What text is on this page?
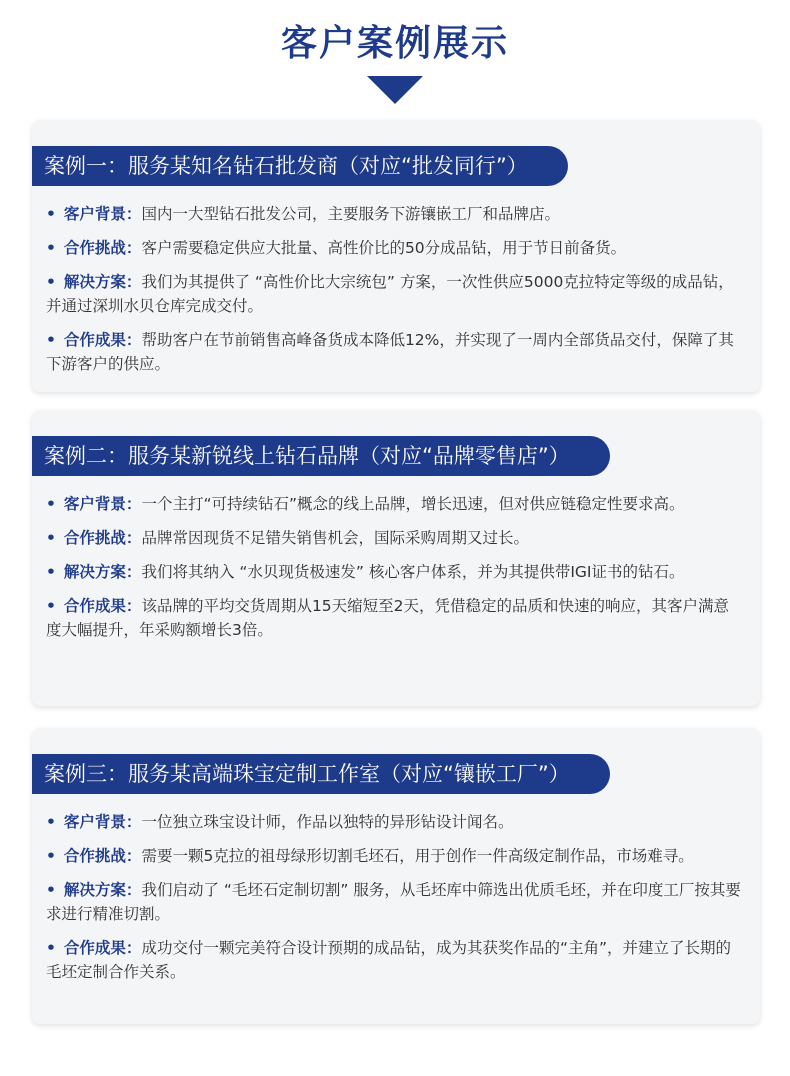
客户案例展示
案例一：服务某知名钻石批发商（对应“批发同行”）
• 客户背景：国内一大型钻石批发公司，主要服务下游镶嵌工厂和品牌店。
• 合作挑战：客户需要稳定供应大批量、高性价比的50分成品钻，用于节日前备货。
• 解决方案：我们为其提供了 “高性价比大宗统包” 方案，一次性供应5000克拉特定等级的成品钻，并通过深圳水贝仓库完成交付。
• 合作成果：帮助客户在节前销售高峰备货成本降低12%，并实现了一周内全部货品交付，保障了其下游客户的供应。
案例二：服务某新锐线上钻石品牌（对应“品牌零售店”）
• 客户背景：一个主打“可持续钻石”概念的线上品牌，增长迅速，但对供应链稳定性要求高。
• 合作挑战：品牌常因现货不足错失销售机会，国际采购周期又过长。
• 解决方案：我们将其纳入 “水贝现货极速发” 核心客户体系，并为其提供带IGI证书的钻石。
• 合作成果：该品牌的平均交货周期从15天缩短至2天，凭借稳定的品质和快速的响应，其客户满意度大幅提升，年采购额增长3倍。
案例三：服务某高端珠宝定制工作室（对应“镶嵌工厂”）
• 客户背景：一位独立珠宝设计师，作品以独特的异形钻设计闻名。
• 合作挑战：需要一颗5克拉的祖母绿形切割毛坯石，用于创作一件高级定制作品，市场难寻。
• 解决方案：我们启动了 “毛坯石定制切割” 服务，从毛坯库中筛选出优质毛坯，并在印度工厂按其要求进行精准切割。
• 合作成果：成功交付一颗完美符合设计预期的成品钻，成为其获奖作品的“主角”，并建立了长期的毛坯定制合作关系。
